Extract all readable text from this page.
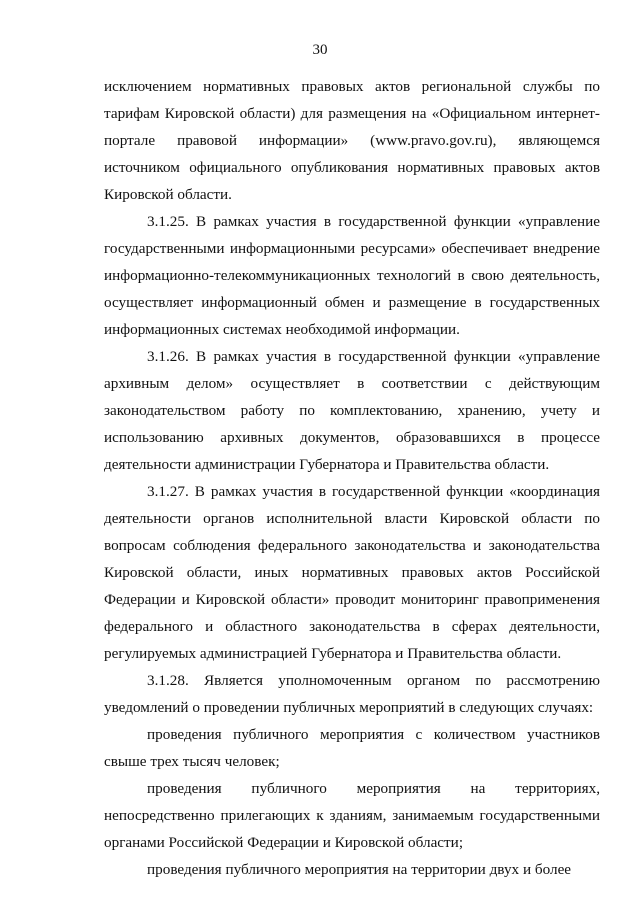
30

исключением нормативных правовых актов региональной службы по тарифам Кировской области) для размещения на «Официальном интернет-портале правовой информации» (www.pravo.gov.ru), являющемся источником официального опубликования нормативных правовых актов Кировской области.

3.1.25. В рамках участия в государственной функции «управление государственными информационными ресурсами» обеспечивает внедрение информационно-телекоммуникационных технологий в свою деятельность, осуществляет информационный обмен и размещение в государственных информационных системах необходимой информации.

3.1.26. В рамках участия в государственной функции «управление архивным делом» осуществляет в соответствии с действующим законодательством работу по комплектованию, хранению, учету и использованию архивных документов, образовавшихся в процессе деятельности администрации Губернатора и Правительства области.

3.1.27. В рамках участия в государственной функции «координация деятельности органов исполнительной власти Кировской области по вопросам соблюдения федерального законодательства и законодательства Кировской области, иных нормативных правовых актов Российской Федерации и Кировской области» проводит мониторинг правоприменения федерального и областного законодательства в сферах деятельности, регулируемых администрацией Губернатора и Правительства области.

3.1.28. Является уполномоченным органом по рассмотрению уведомлений о проведении публичных мероприятий в следующих случаях:

проведения публичного мероприятия с количеством участников свыше трех тысяч человек;

проведения публичного мероприятия на территориях, непосредственно прилегающих к зданиям, занимаемым государственными органами Российской Федерации и Кировской области;

проведения публичного мероприятия на территории двух и более
